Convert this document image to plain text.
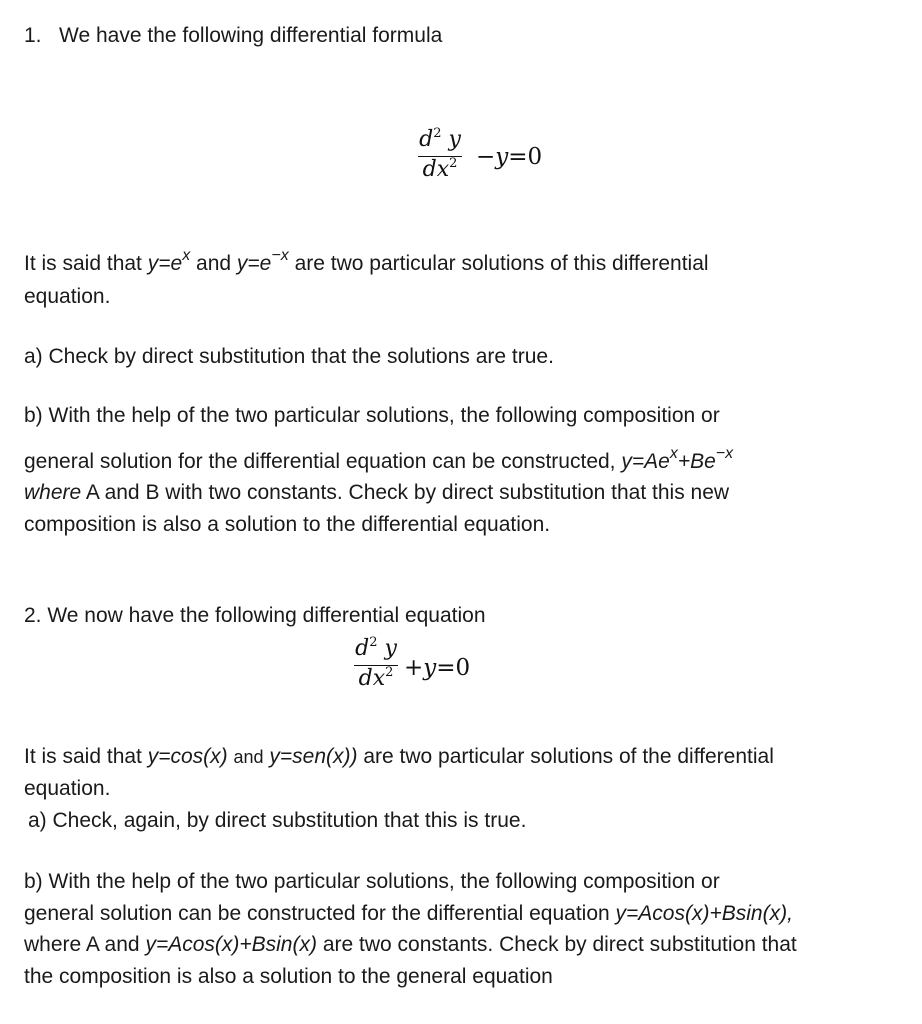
1. We have the following differential formula
$\frac{d^2 y}{dx^2} -y=0$
It is said that $y=e^x$ and $y=e^{-x}$ are two particular solutions of this differential
equation.
a) Check by direct substitution that the solutions are true.
b) With the help of the two particular solutions, the following composition or
general solution for the differential equation can be constructed, $y=Ae^x+Be^{-x}$
where A and B with two constants. Check by direct substitution that this new
composition is also a solution to the differential equation.
2. We now have the following differential equation
$\frac{d^2 y}{dx^2} +y=0$
It is said that y=cos(x) and y=sen(x)) are two particular solutions of the differential
equation.
a) Check, again, by direct substitution that this is true.
b) With the help of the two particular solutions, the following composition or
general solution can be constructed for the differential equation y=Acos(x)+Bsin(x),
where A and y=Acos(x)+Bsin(x) are two constants. Check by direct substitution that
the composition is also a solution to the general equation
